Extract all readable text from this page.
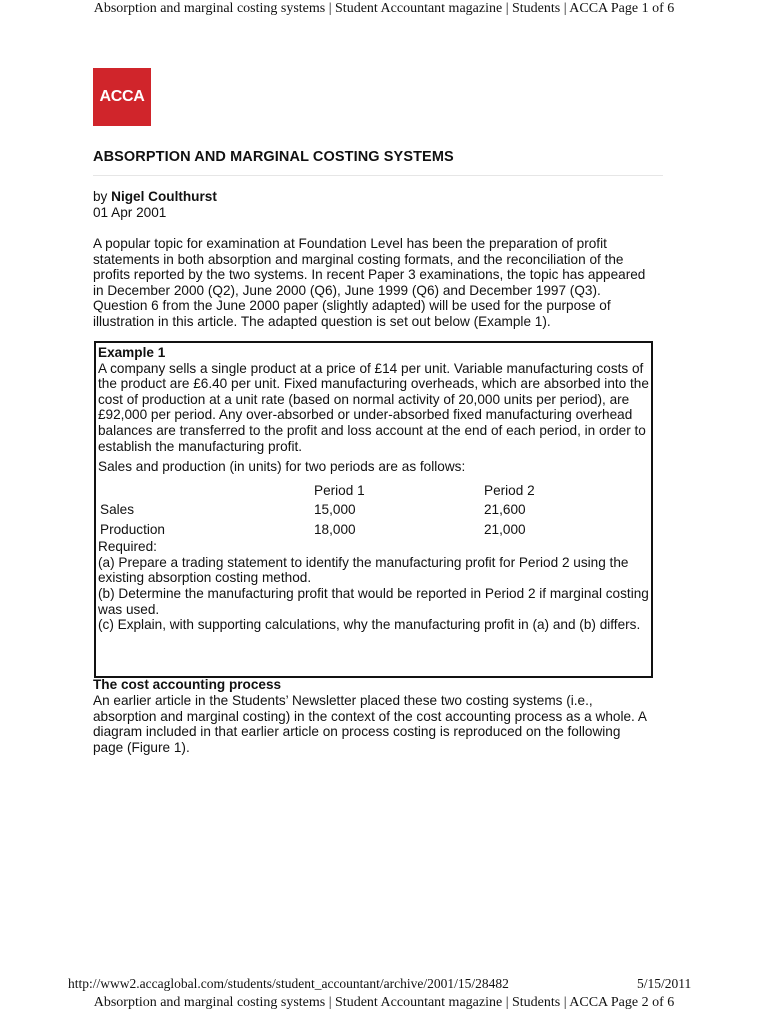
Absorption and marginal costing systems | Student Accountant magazine | Students | ACCA Page 1 of 6
ACCA
ABSORPTION AND MARGINAL COSTING SYSTEMS

by Nigel Coulthurst

01 Apr 2001

A popular topic for examination at Foundation Level has been the preparation of profit statements in both absorption and marginal costing formats, and the reconciliation of the profits reported by the two systems. In recent Paper 3 examinations, the topic has appeared in December 2000 (Q2), June 2000 (Q6), June 1999 (Q6) and December 1997 (Q3). Question 6 from the June 2000 paper (slightly adapted) will be used for the purpose of illustration in this article. The adapted question is set out below (Example 1).

Example 1

A company sells a single product at a price of £14 per unit. Variable manufacturing costs of the product are £6.40 per unit. Fixed manufacturing overheads, which are absorbed into the cost of production at a unit rate (based on normal activity of 20,000 units per period), are £92,000 per period. Any over-absorbed or under-absorbed fixed manufacturing overhead balances are transferred to the profit and loss account at the end of each period, in order to establish the manufacturing profit.

Sales and production (in units) for two periods are as follows:

	Period 1	Period 2
Sales	15,000	21,600
Production	18,000	21,000

Required:

(a) Prepare a trading statement to identify the manufacturing profit for Period 2 using the existing absorption costing method.

(b) Determine the manufacturing profit that would be reported in Period 2 if marginal costing was used.

(c) Explain, with supporting calculations, why the manufacturing profit in (a) and (b) differs.

The cost accounting process

An earlier article in the Students’ Newsletter placed these two costing systems (i.e., absorption and marginal costing) in the context of the cost accounting process as a whole. A diagram included in that earlier article on process costing is reproduced on the following page (Figure 1).

http://www2.accaglobal.com/students/student_accountant/archive/2001/15/28482	5/15/2011
Absorption and marginal costing systems | Student Accountant magazine | Students | ACCA Page 2 of 6
